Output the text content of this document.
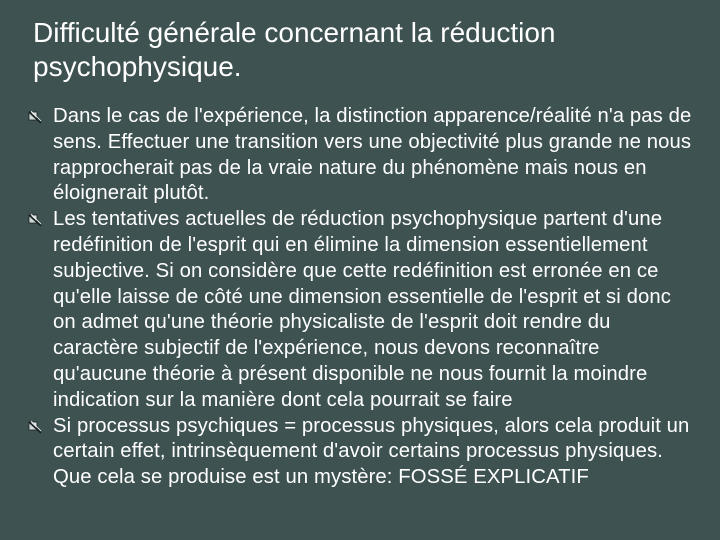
Difficulté générale concernant la réduction psychophysique.
Dans le cas de l'expérience, la distinction apparence/réalité n'a pas de sens. Effectuer une transition vers une objectivité plus grande ne nous rapprocherait pas de la vraie nature du phénomène mais nous en éloignerait plutôt.
Les tentatives actuelles de réduction psychophysique partent d'une redéfinition de l'esprit qui en élimine la dimension essentiellement subjective. Si on considère que cette redéfinition est erronée en ce qu'elle laisse de côté une dimension essentielle de l'esprit et si donc on admet qu'une théorie physicaliste de l'esprit doit rendre du caractère subjectif de l'expérience, nous devons reconnaître qu'aucune théorie à présent disponible ne nous fournit la moindre indication sur la manière dont cela pourrait se faire
Si processus psychiques = processus physiques, alors cela produit un certain effet, intrinsèquement d'avoir certains processus physiques. Que cela se produise est un mystère: FOSSÉ EXPLICATIF
